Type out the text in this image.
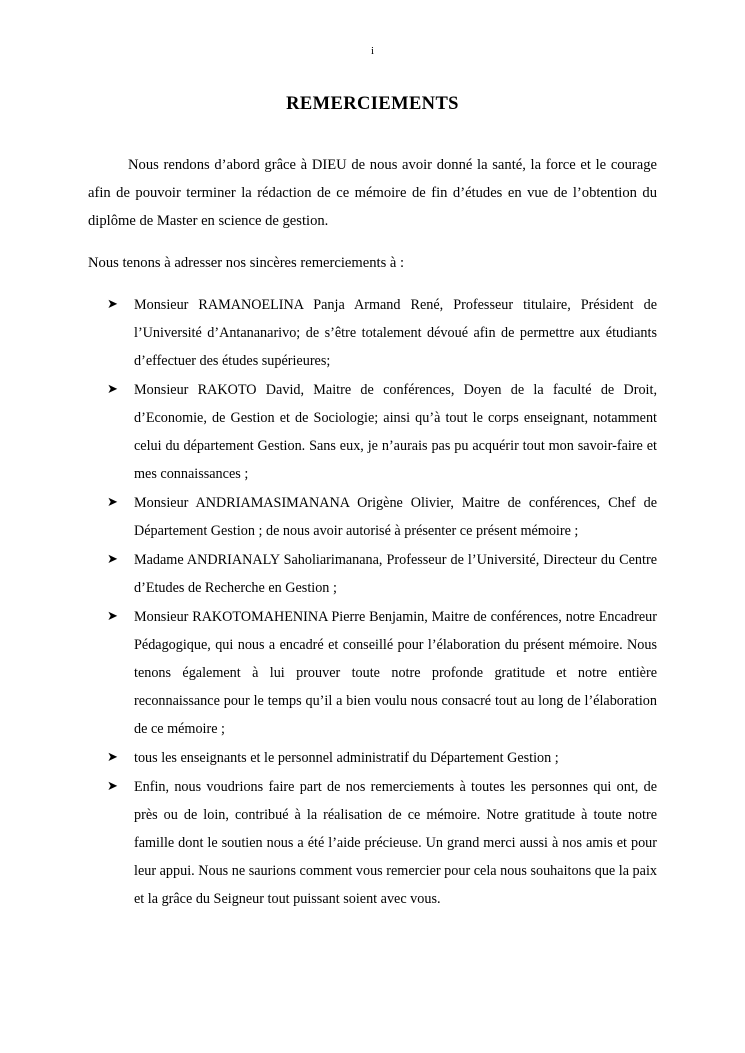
i
REMERCIEMENTS

Nous rendons d’abord grâce à DIEU de nous avoir donné la santé, la force et le courage afin de pouvoir terminer la rédaction de ce mémoire de fin d’études en vue de l’obtention du diplôme de Master en science de gestion.

Nous tenons à adresser nos sincères remerciements à :

➤ Monsieur RAMANOELINA Panja Armand René, Professeur titulaire, Président de l’Université d’Antananarivo; de s’être totalement dévoué afin de permettre aux étudiants d’effectuer des études supérieures;
➤ Monsieur RAKOTO David, Maitre de conférences, Doyen de la faculté de Droit, d’Economie, de Gestion et de Sociologie; ainsi qu’à tout le corps enseignant, notamment celui du département Gestion. Sans eux, je n’aurais pas pu acquérir tout mon savoir-faire et mes connaissances ;
➤ Monsieur ANDRIAMASIMANANA Origène Olivier, Maitre de conférences, Chef de Département Gestion ; de nous avoir autorisé à présenter ce présent mémoire ;
➤ Madame ANDRIANALY Saholiarimanana, Professeur de l’Université, Directeur du Centre d’Etudes de Recherche en Gestion ;
➤ Monsieur RAKOTOMAHENINA Pierre Benjamin, Maitre de conférences, notre Encadreur Pédagogique, qui nous a encadré et conseillé pour l’élaboration du présent mémoire. Nous tenons également à lui prouver toute notre profonde gratitude et notre entière reconnaissance pour le temps qu’il a bien voulu nous consacré tout au long de l’élaboration de ce mémoire ;
➤ tous les enseignants et le personnel administratif du Département Gestion ;
➤ Enfin, nous voudrions faire part de nos remerciements à toutes les personnes qui ont, de près ou de loin, contribué à la réalisation de ce mémoire. Notre gratitude à toute notre famille dont le soutien nous a été l’aide précieuse. Un grand merci aussi à nos amis et pour leur appui. Nous ne saurions comment vous remercier pour cela nous souhaitons que la paix et la grâce du Seigneur tout puissant soient avec vous.
